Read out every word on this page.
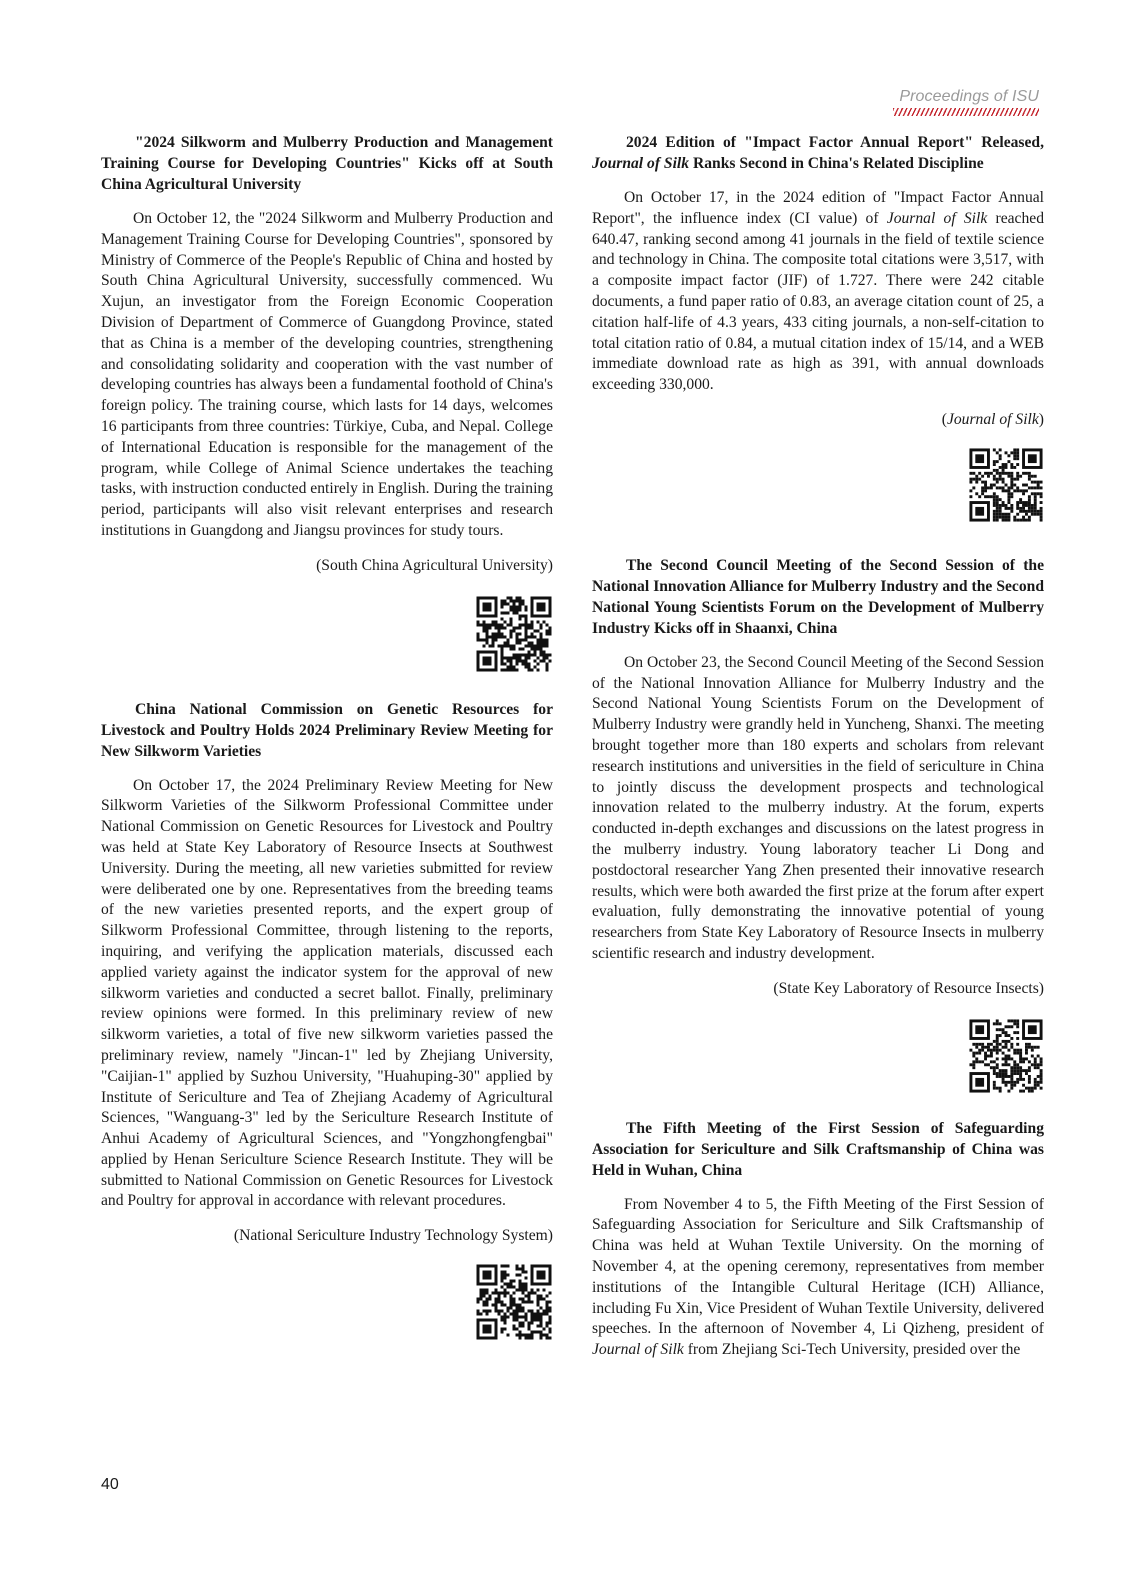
Proceedings of ISU

"2024 Silkworm and Mulberry Production and Management Training Course for Developing Countries" Kicks off at South China Agricultural University

On October 12, the "2024 Silkworm and Mulberry Production and Management Training Course for Developing Countries", sponsored by Ministry of Commerce of the People's Republic of China and hosted by South China Agricultural University, successfully commenced. Wu Xujun, an investigator from the Foreign Economic Cooperation Division of Department of Commerce of Guangdong Province, stated that as China is a member of the developing countries, strengthening and consolidating solidarity and cooperation with the vast number of developing countries has always been a fundamental foothold of China's foreign policy. The training course, which lasts for 14 days, welcomes 16 participants from three countries: Türkiye, Cuba, and Nepal. College of International Education is responsible for the management of the program, while College of Animal Science undertakes the teaching tasks, with instruction conducted entirely in English. During the training period, participants will also visit relevant enterprises and research institutions in Guangdong and Jiangsu provinces for study tours.

(South China Agricultural University)

China National Commission on Genetic Resources for Livestock and Poultry Holds 2024 Preliminary Review Meeting for New Silkworm Varieties

On October 17, the 2024 Preliminary Review Meeting for New Silkworm Varieties of the Silkworm Professional Committee under National Commission on Genetic Resources for Livestock and Poultry was held at State Key Laboratory of Resource Insects at Southwest University. During the meeting, all new varieties submitted for review were deliberated one by one. Representatives from the breeding teams of the new varieties presented reports, and the expert group of Silkworm Professional Committee, through listening to the reports, inquiring, and verifying the application materials, discussed each applied variety against the indicator system for the approval of new silkworm varieties and conducted a secret ballot. Finally, preliminary review opinions were formed. In this preliminary review of new silkworm varieties, a total of five new silkworm varieties passed the preliminary review, namely "Jincan-1" led by Zhejiang University, "Caijian-1" applied by Suzhou University, "Huahuping-30" applied by Institute of Sericulture and Tea of Zhejiang Academy of Agricultural Sciences, "Wanguang-3" led by the Sericulture Research Institute of Anhui Academy of Agricultural Sciences, and "Yongzhongfengbai" applied by Henan Sericulture Science Research Institute. They will be submitted to National Commission on Genetic Resources for Livestock and Poultry for approval in accordance with relevant procedures.

(National Sericulture Industry Technology System)

2024 Edition of "Impact Factor Annual Report" Released, Journal of Silk Ranks Second in China's Related Discipline

On October 17, in the 2024 edition of "Impact Factor Annual Report", the influence index (CI value) of Journal of Silk reached 640.47, ranking second among 41 journals in the field of textile science and technology in China. The composite total citations were 3,517, with a composite impact factor (JIF) of 1.727. There were 242 citable documents, a fund paper ratio of 0.83, an average citation count of 25, a citation half-life of 4.3 years, 433 citing journals, a non-self-citation to total citation ratio of 0.84, a mutual citation index of 15/14, and a WEB immediate download rate as high as 391, with annual downloads exceeding 330,000.

(Journal of Silk)

The Second Council Meeting of the Second Session of the National Innovation Alliance for Mulberry Industry and the Second National Young Scientists Forum on the Development of Mulberry Industry Kicks off in Shaanxi, China

On October 23, the Second Council Meeting of the Second Session of the National Innovation Alliance for Mulberry Industry and the Second National Young Scientists Forum on the Development of Mulberry Industry were grandly held in Yuncheng, Shanxi. The meeting brought together more than 180 experts and scholars from relevant research institutions and universities in the field of sericulture in China to jointly discuss the development prospects and technological innovation related to the mulberry industry. At the forum, experts conducted in-depth exchanges and discussions on the latest progress in the mulberry industry. Young laboratory teacher Li Dong and postdoctoral researcher Yang Zhen presented their innovative research results, which were both awarded the first prize at the forum after expert evaluation, fully demonstrating the innovative potential of young researchers from State Key Laboratory of Resource Insects in mulberry scientific research and industry development.

(State Key Laboratory of Resource Insects)

The Fifth Meeting of the First Session of Safeguarding Association for Sericulture and Silk Craftsmanship of China was Held in Wuhan, China

From November 4 to 5, the Fifth Meeting of the First Session of Safeguarding Association for Sericulture and Silk Craftsmanship of China was held at Wuhan Textile University. On the morning of November 4, at the opening ceremony, representatives from member institutions of the Intangible Cultural Heritage (ICH) Alliance, including Fu Xin, Vice President of Wuhan Textile University, delivered speeches. In the afternoon of November 4, Li Qizheng, president of Journal of Silk from Zhejiang Sci-Tech University, presided over the

40
